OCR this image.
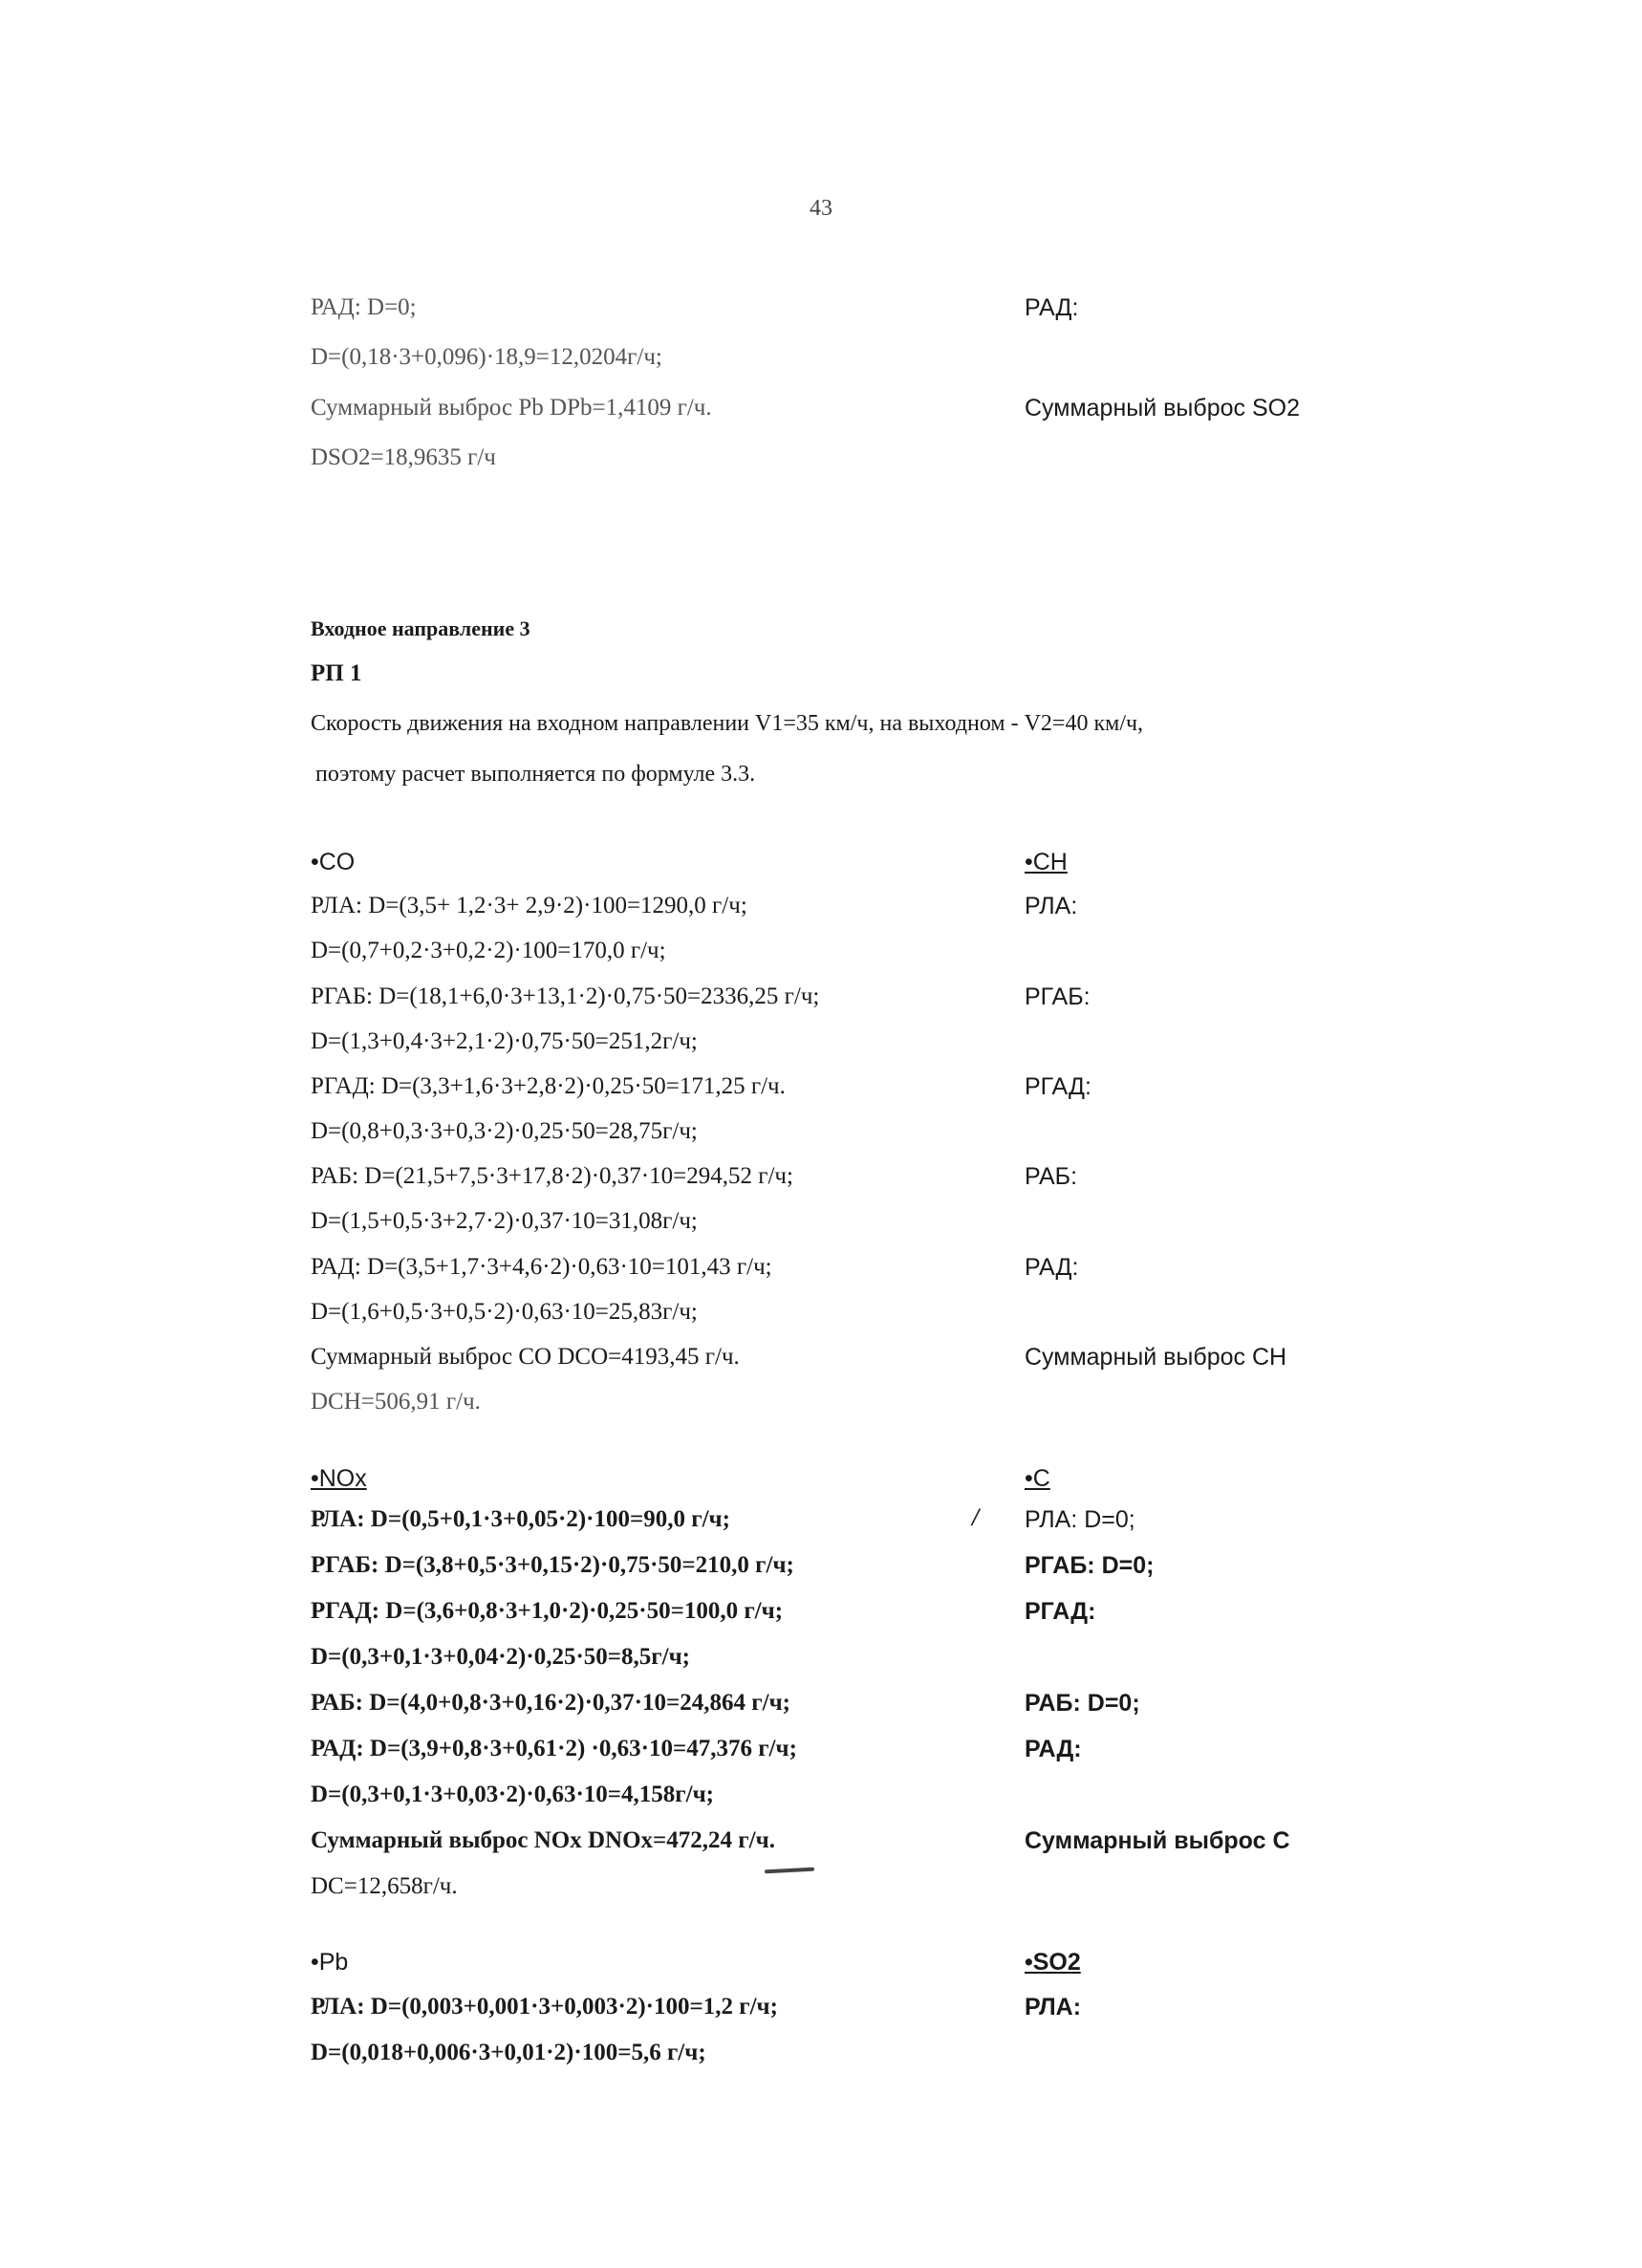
43
РАД: D=0;	РАД:
D=(0,18·3+0,096)·18,9=12,0204г/ч;
Суммарный выброс Pb DPb=1,4109 г/ч.	Суммарный выброс SO2
DSO2=18,9635 г/ч
Входное направление 3
РП 1
Скорость движения на входном направлении V1=35 км/ч, на выходном - V2=40 км/ч,
поэтому расчет выполняется по формуле 3.3.
•CO	•CH
РЛА: D=(3,5+ 1,2·3+ 2,9·2)·100=1290,0 г/ч;	РЛА:
D=(0,7+0,2·3+0,2·2)·100=170,0 г/ч;
РГАБ: D=(18,1+6,0·3+13,1·2)·0,75·50=2336,25 г/ч;	РГАБ:
D=(1,3+0,4·3+2,1·2)·0,75·50=251,2г/ч;
РГАД: D=(3,3+1,6·3+2,8·2)·0,25·50=171,25 г/ч.	РГАД:
D=(0,8+0,3·3+0,3·2)·0,25·50=28,75г/ч;
РАБ: D=(21,5+7,5·3+17,8·2)·0,37·10=294,52 г/ч;	РАБ:
D=(1,5+0,5·3+2,7·2)·0,37·10=31,08г/ч;
РАД: D=(3,5+1,7·3+4,6·2)·0,63·10=101,43 г/ч;	РАД:
D=(1,6+0,5·3+0,5·2)·0,63·10=25,83г/ч;
Суммарный выброс CO DCO=4193,45 г/ч.	Суммарный выброс CH
DCH=506,91 г/ч.
•NOx	•C
/
РЛА: D=(0,5+0,1·3+0,05·2)·100=90,0 г/ч;	РЛА: D=0;
РГАБ: D=(3,8+0,5·3+0,15·2)·0,75·50=210,0 г/ч;	РГАБ: D=0;
РГАД: D=(3,6+0,8·3+1,0·2)·0,25·50=100,0 г/ч;	РГАД:
D=(0,3+0,1·3+0,04·2)·0,25·50=8,5г/ч;
РАБ: D=(4,0+0,8·3+0,16·2)·0,37·10=24,864 г/ч;	РАБ: D=0;
РАД: D=(3,9+0,8·3+0,61·2) ·0,63·10=47,376 г/ч;	РАД:
D=(0,3+0,1·3+0,03·2)·0,63·10=4,158г/ч;
Суммарный выброс NOx DNOx=472,24 г/ч.	Суммарный выброс C
DC=12,658г/ч.
•Pb	•SO2
РЛА: D=(0,003+0,001·3+0,003·2)·100=1,2 г/ч;	РЛА:
D=(0,018+0,006·3+0,01·2)·100=5,6 г/ч;
